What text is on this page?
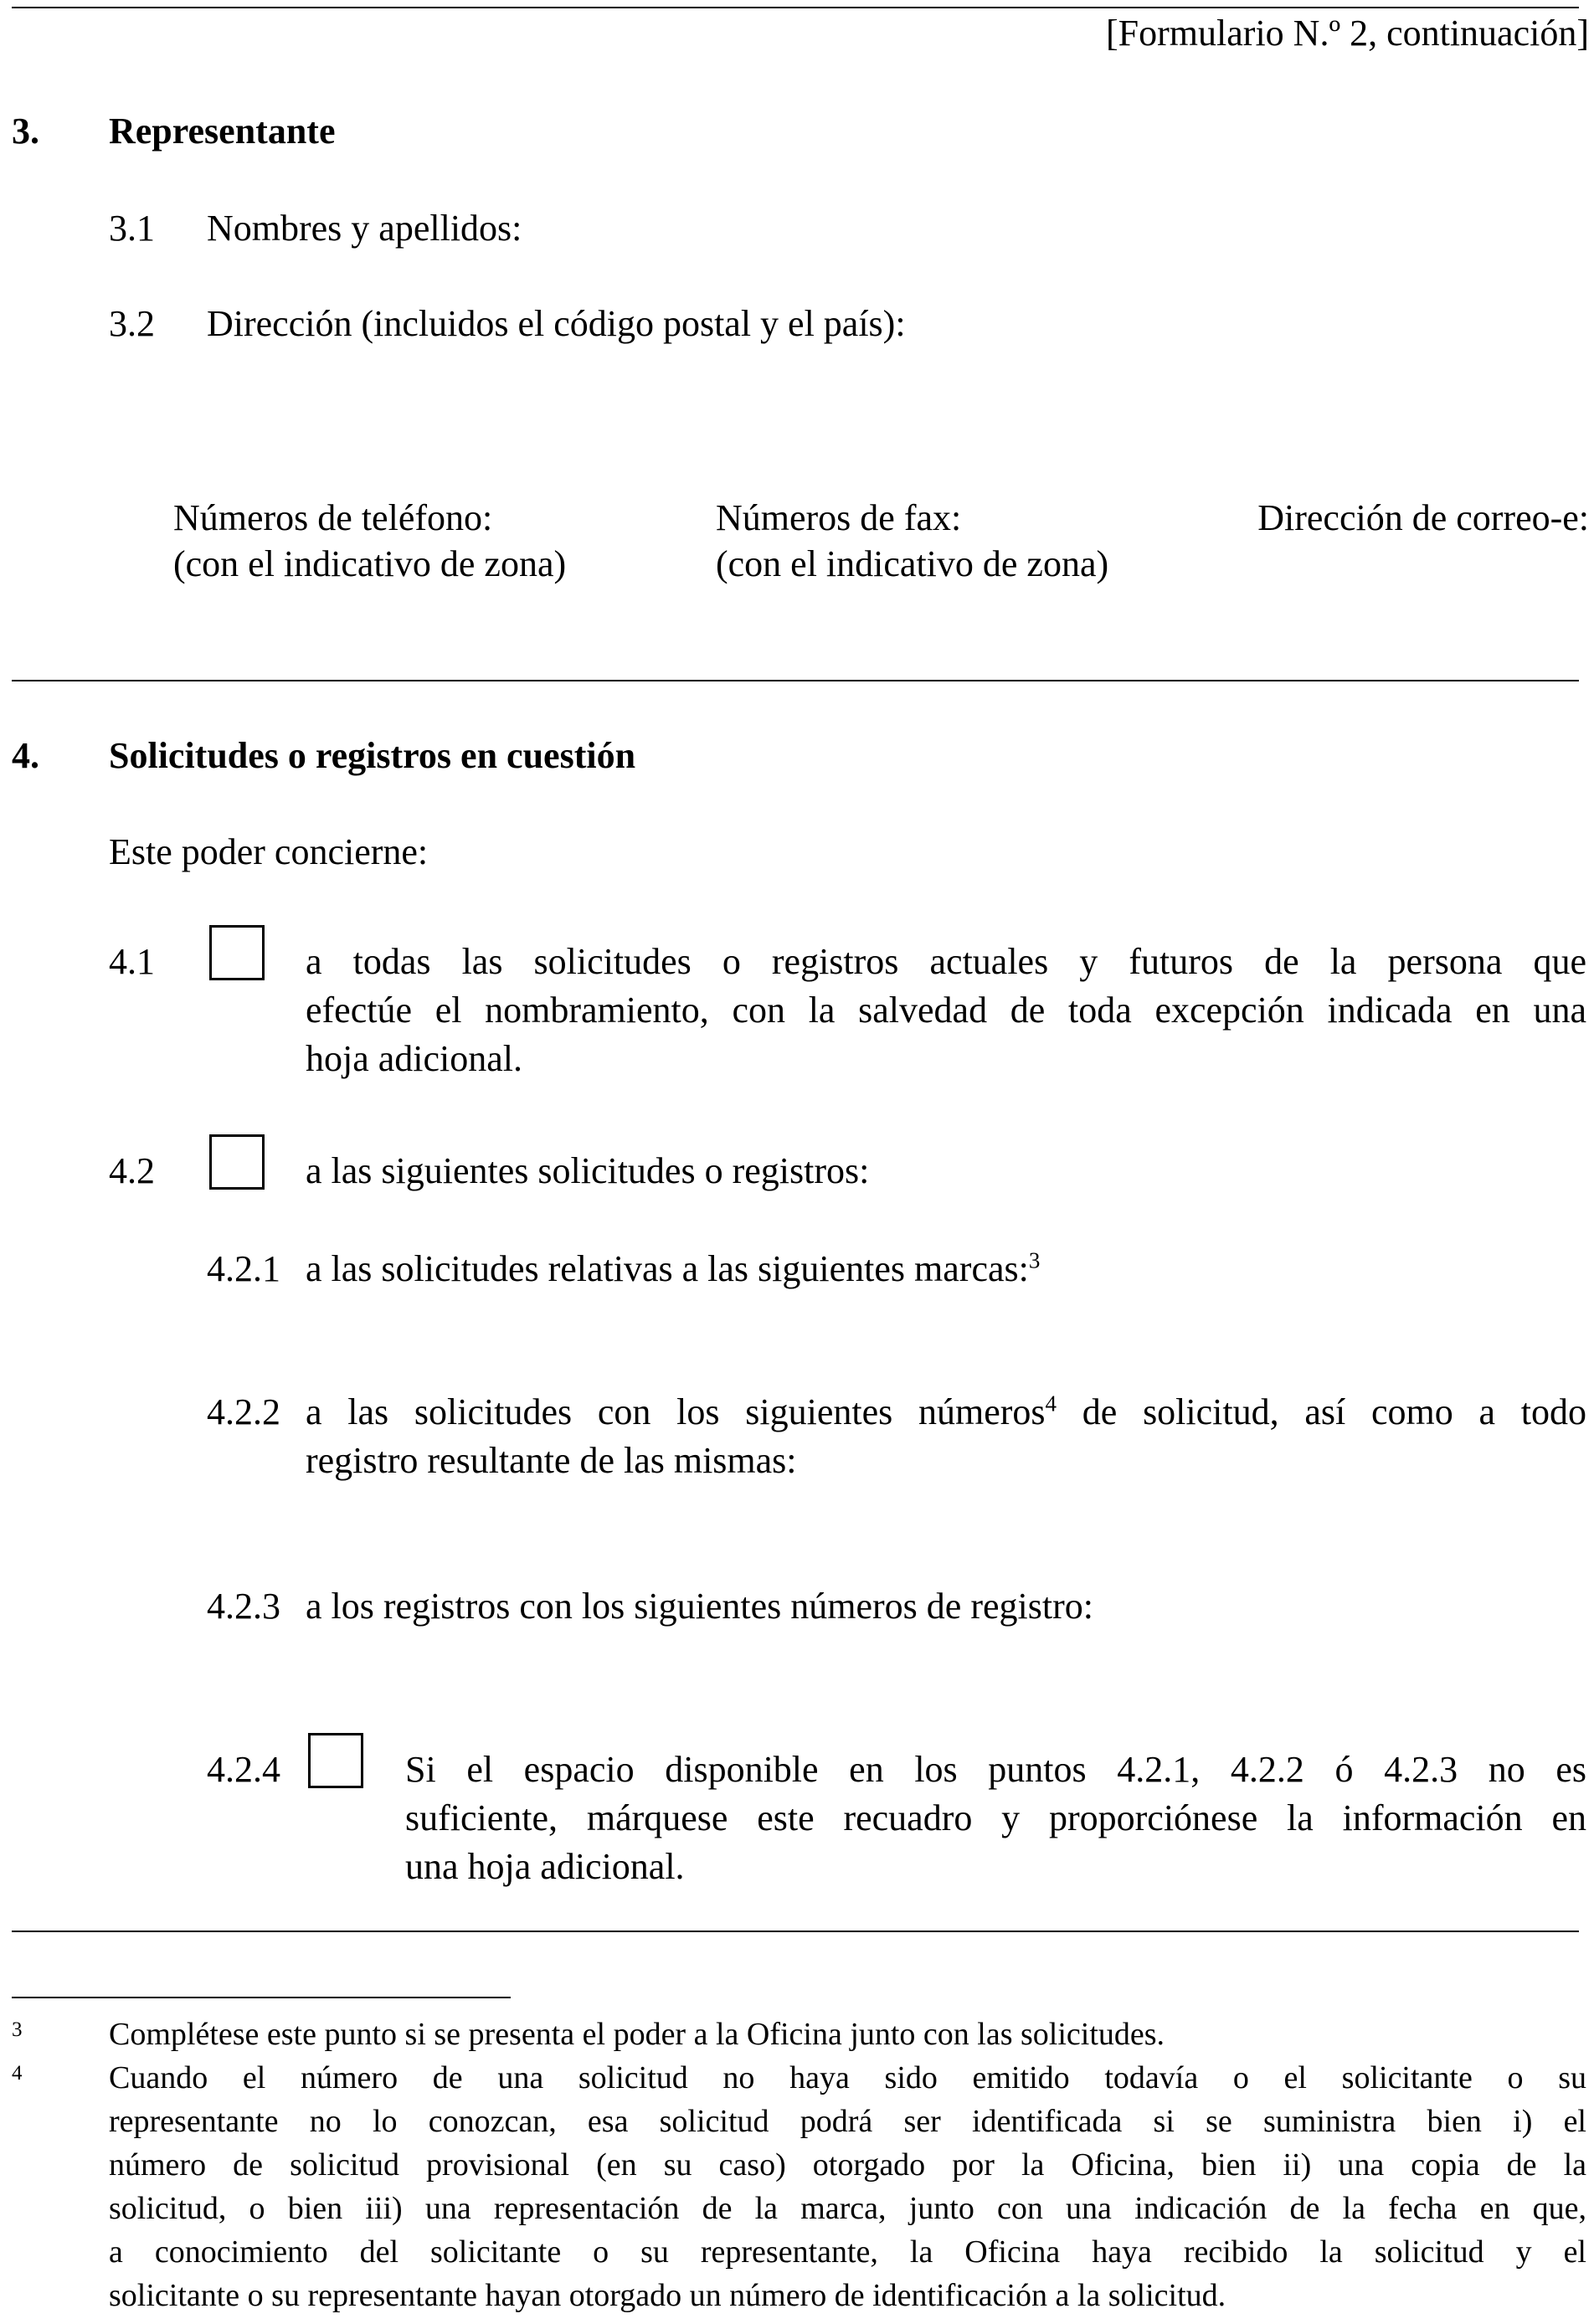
[Formulario N.º 2, continuación]
3. Representante
3.1 Nombres y apellidos:
3.2 Dirección (incluidos el código postal y el país):
Números de teléfono:
(con el indicativo de zona)
Números de fax:
(con el indicativo de zona)
Dirección de correo-e:
4. Solicitudes o registros en cuestión
Este poder concierne:
4.1	a todas las solicitudes o registros actuales y futuros de la persona que
efectúe el nombramiento, con la salvedad de toda excepción indicada en una
hoja adicional.
4.2	a las siguientes solicitudes o registros:
4.2.1 a las solicitudes relativas a las siguientes marcas:$^3$
4.2.2 a las solicitudes con los siguientes números$^4$ de solicitud, así como a todo
registro resultante de las mismas:
4.2.3 a los registros con los siguientes números de registro:
4.2.4	Si el espacio disponible en los puntos 4.2.1, 4.2.2 ó 4.2.3 no es
suficiente, márquese este recuadro y proporciónese la información en
una hoja adicional.
3	Complétese este punto si se presenta el poder a la Oficina junto con las solicitudes.
4	Cuando el número de una solicitud no haya sido emitido todavía o el solicitante o su
representante no lo conozcan, esa solicitud podrá ser identificada si se suministra bien i) el
número de solicitud provisional (en su caso) otorgado por la Oficina, bien ii) una copia de la
solicitud, o bien iii) una representación de la marca, junto con una indicación de la fecha en que,
a conocimiento del solicitante o su representante, la Oficina haya recibido la solicitud y el
solicitante o su representante hayan otorgado un número de identificación a la solicitud.
